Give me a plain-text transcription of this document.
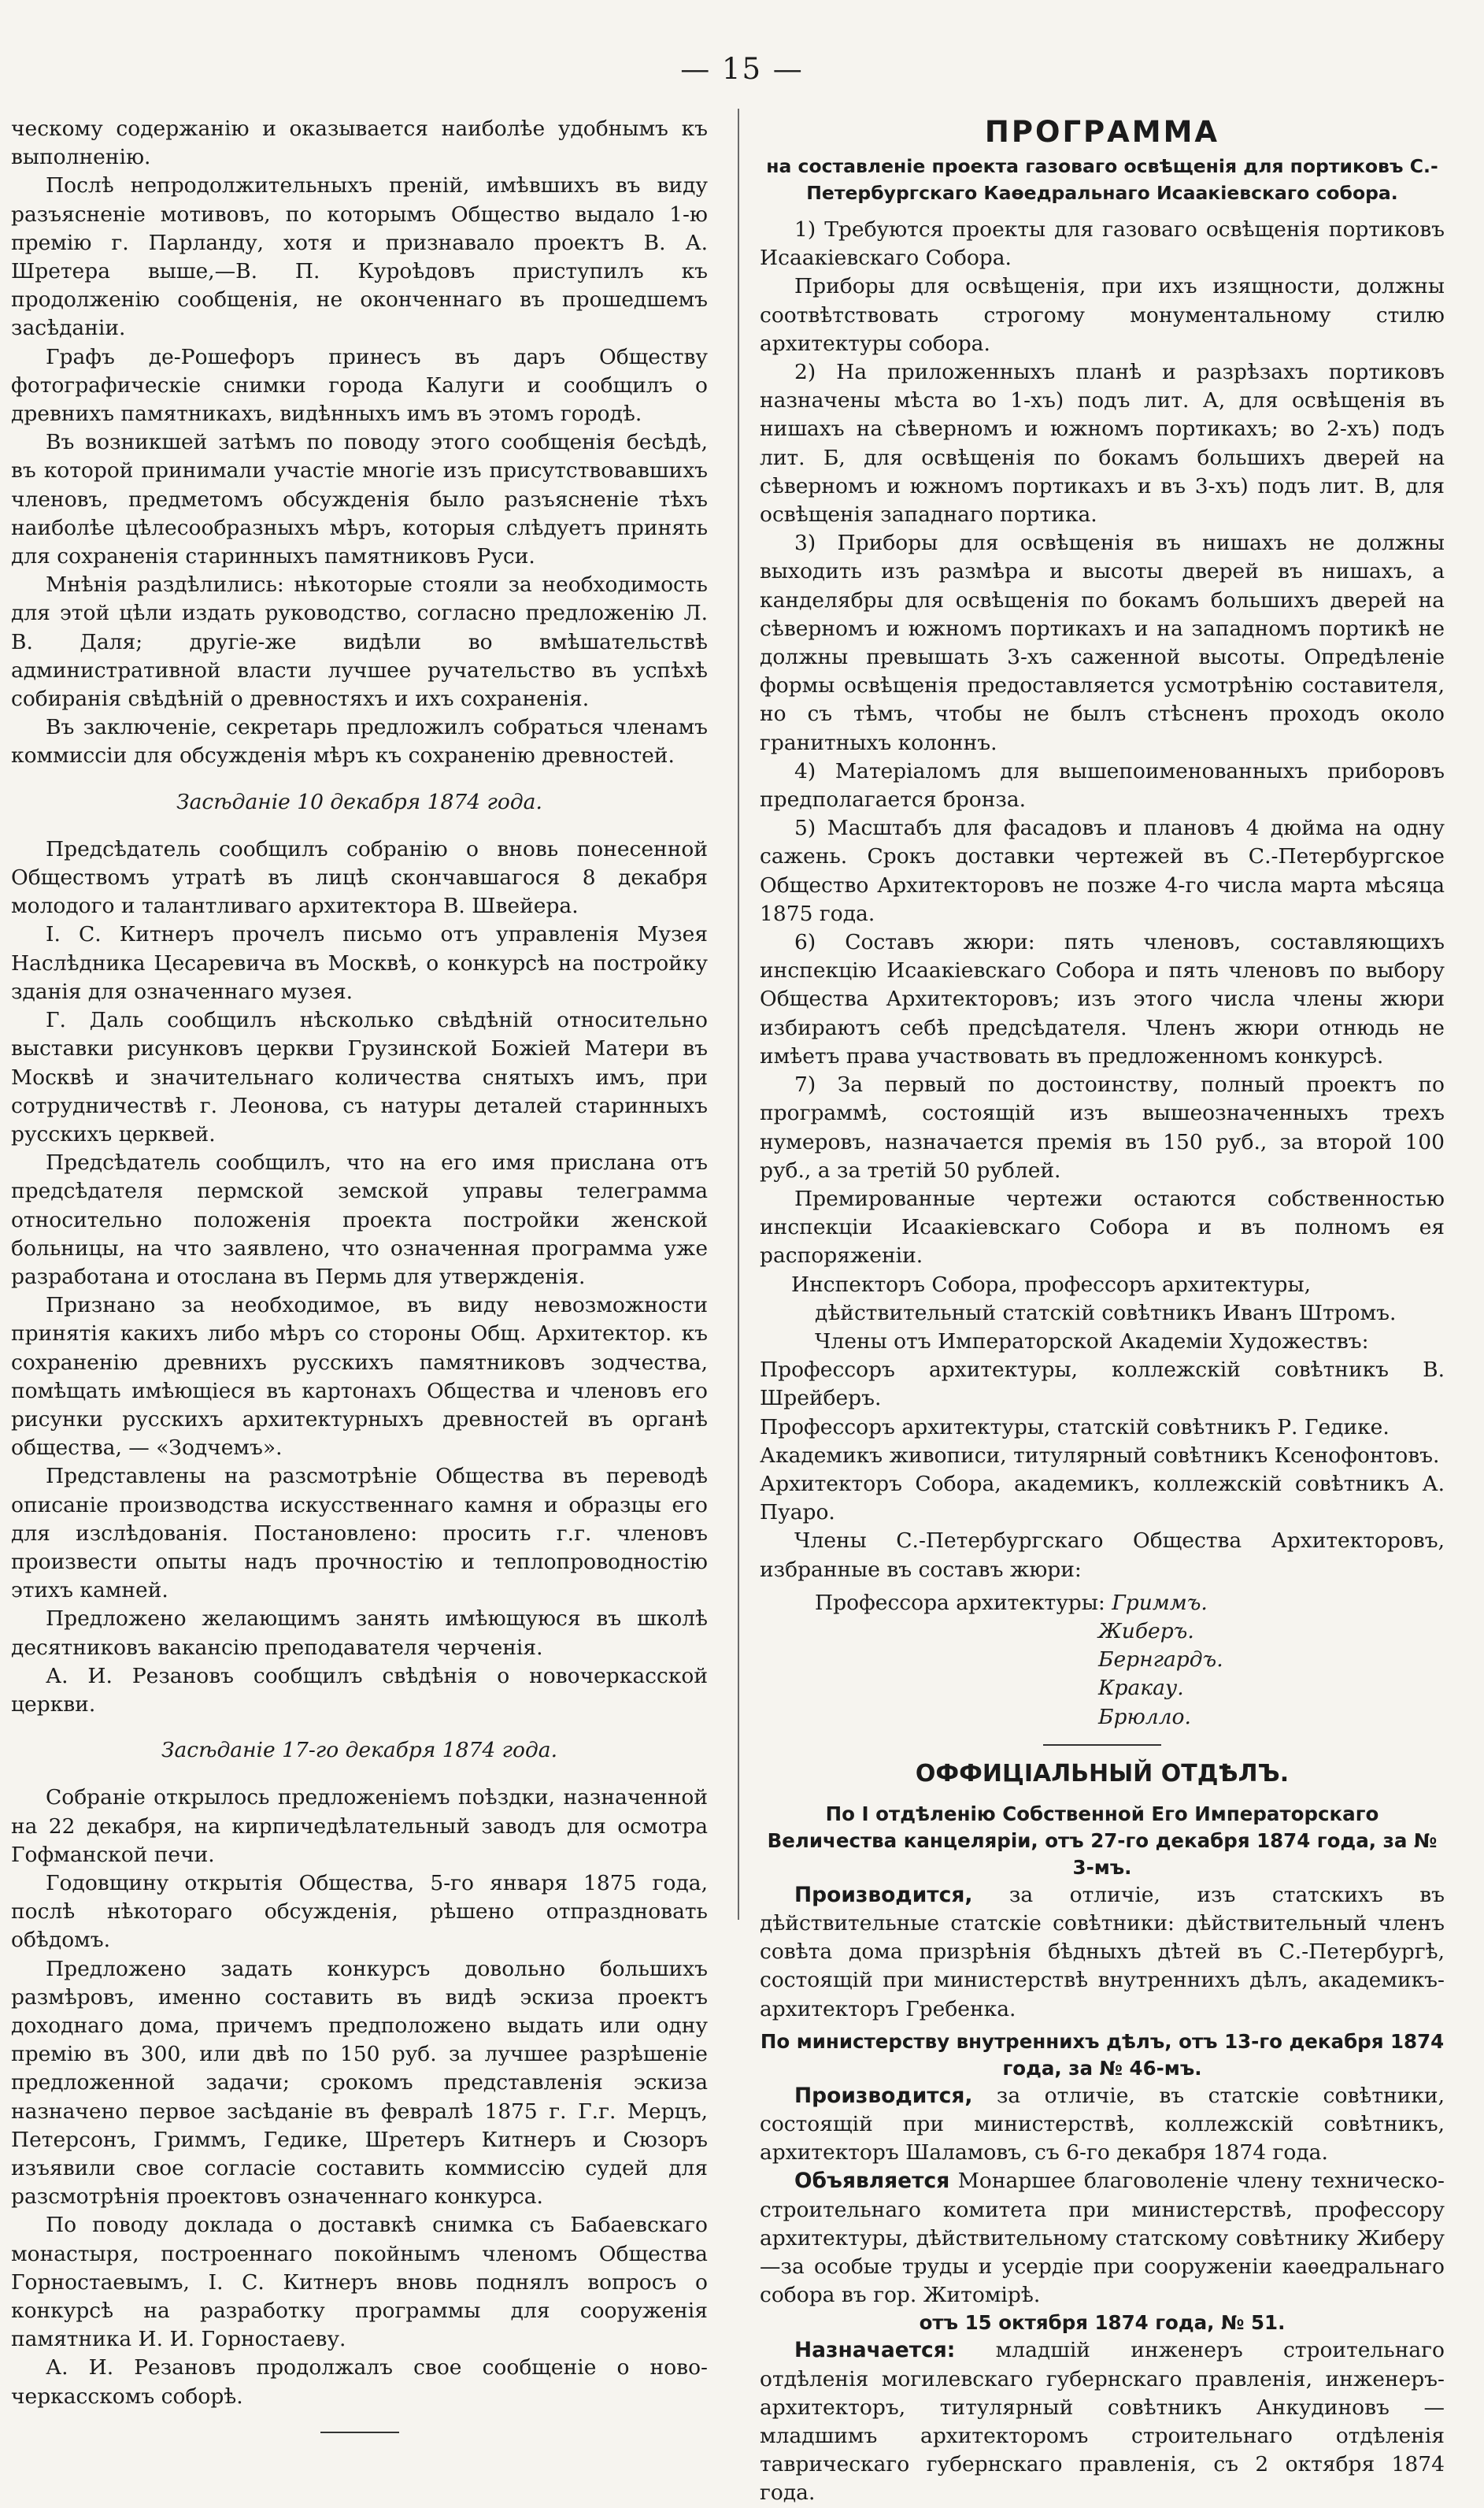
— 15 —

ческому содержанію и оказывается наиболѣе удобнымъ къ выполненію.

Послѣ непродолжительныхъ преній, имѣвшихъ въ виду разъясненіе мотивовъ, по которымъ Общество выдало 1-ю премію г. Парланду, хотя и признавало проектъ В. А. Шретера выше,—В. П. Куроѣдовъ приступилъ къ продолженію сообщенія, не оконченнаго въ прошедшемъ засѣданіи.

Графъ де-Рошефоръ принесъ въ даръ Обществу фотографическіе снимки города Калуги и сообщилъ о древнихъ памятникахъ, видѣнныхъ имъ въ этомъ городѣ.

Въ возникшей затѣмъ по поводу этого сообщенія бесѣдѣ, въ которой принимали участіе многіе изъ присутствовавшихъ членовъ, предметомъ обсужденія было разъясненіе тѣхъ наиболѣе цѣлесообразныхъ мѣръ, которыя слѣдуетъ принять для сохраненія старинныхъ памятниковъ Руси.

Мнѣнія раздѣлились: нѣкоторые стояли за необходимость для этой цѣли издать руководство, согласно предложенію Л. В. Даля; другіе-же видѣли во вмѣшательствѣ административной власти лучшее ручательство въ успѣхѣ собиранія свѣдѣній о древностяхъ и ихъ сохраненія.

Въ заключеніе, секретарь предложилъ собраться членамъ коммиссіи для обсужденія мѣръ къ сохраненію древностей.

Засѣданіе 10 декабря 1874 года.

Предсѣдатель сообщилъ собранію о вновь понесенной Обществомъ утратѣ въ лицѣ скончавшагося 8 декабря молодого и талантливаго архитектора В. Швейера.

І. С. Китнеръ прочелъ письмо отъ управленія Музея Наслѣдника Цесаревича въ Москвѣ, о конкурсѣ на постройку зданія для означеннаго музея.

Г. Даль сообщилъ нѣсколько свѣдѣній относительно выставки рисунковъ церкви Грузинской Божіей Матери въ Москвѣ и значительнаго количества снятыхъ имъ, при сотрудничествѣ г. Леонова, съ натуры деталей старинныхъ русскихъ церквей.

Предсѣдатель сообщилъ, что на его имя прислана отъ предсѣдателя пермской земской управы телеграмма относительно положенія проекта постройки женской больницы, на что заявлено, что означенная программа уже разработана и отослана въ Пермь для утвержденія.

Признано за необходимое, въ виду невозможности принятія какихъ либо мѣръ со стороны Общ. Архитектор. къ сохраненію древнихъ русскихъ памятниковъ зодчества, помѣщать имѣющіеся въ картонахъ Общества и членовъ его рисунки русскихъ архитектурныхъ древностей въ органѣ общества, — «Зодчемъ».

Представлены на разсмотрѣніе Общества въ переводѣ описаніе производства искусственнаго камня и образцы его для изслѣдованія. Постановлено: просить г.г. членовъ произвести опыты надъ прочностію и теплопроводностію этихъ камней.

Предложено желающимъ занять имѣющуюся въ школѣ десятниковъ вакансію преподавателя черченія.

А. И. Резановъ сообщилъ свѣдѣнія о новочеркасской церкви.

Засѣданіе 17-го декабря 1874 года.

Собраніе открылось предложеніемъ поѣздки, назначенной на 22 декабря, на кирпичедѣлательный заводъ для осмотра Гофманской печи.

Годовщину открытія Общества, 5-го января 1875 года, послѣ нѣкотораго обсужденія, рѣшено отпраздновать обѣдомъ.

Предложено задать конкурсъ довольно большихъ размѣровъ, именно составить въ видѣ эскиза проектъ доходнаго дома, причемъ предположено выдать или одну премію въ 300, или двѣ по 150 руб. за лучшее разрѣшеніе предложенной задачи; срокомъ представленія эскиза назначено первое засѣданіе въ февралѣ 1875 г. Г.г. Мерцъ, Петерсонъ, Гриммъ, Гедике, Шретеръ Китнеръ и Сюзоръ изъявили свое согласіе составить коммиссію судей для разсмотрѣнія проектовъ означеннаго конкурса.

По поводу доклада о доставкѣ снимка съ Бабаевскаго монастыря, построеннаго покойнымъ членомъ Общества Горностаевымъ, І. С. Китнеръ вновь поднялъ вопросъ о конкурсѣ на разработку программы для сооруженія памятника И. И. Горностаеву.

А. И. Резановъ продолжалъ свое сообщеніе о ново-черкасскомъ соборѣ.

ПРОГРАММА
на составленіе проекта газоваго освѣщенія для портиковъ С.-Петербургскаго Каѳедральнаго Исаакіевскаго собора.

1) Требуются проекты для газоваго освѣщенія портиковъ Исаакіевскаго Собора.

Приборы для освѣщенія, при ихъ изящности, должны соотвѣтствовать строгому монументальному стилю архитектуры собора.

2) На приложенныхъ планѣ и разрѣзахъ портиковъ назначены мѣста во 1-хъ) подъ лит. А, для освѣщенія въ нишахъ на сѣверномъ и южномъ портикахъ; во 2-хъ) подъ лит. Б, для освѣщенія по бокамъ большихъ дверей на сѣверномъ и южномъ портикахъ и въ 3-хъ) подъ лит. В, для освѣщенія западнаго портика.

3) Приборы для освѣщенія въ нишахъ не должны выходить изъ размѣра и высоты дверей въ нишахъ, а канделябры для освѣщенія по бокамъ большихъ дверей на сѣверномъ и южномъ портикахъ и на западномъ портикѣ не должны превышать 3-хъ саженной высоты. Опредѣленіе формы освѣщенія предоставляется усмотрѣнію составителя, но съ тѣмъ, чтобы не былъ стѣсненъ проходъ около гранитныхъ колоннъ.

4) Матеріаломъ для вышепоименованныхъ приборовъ предполагается бронза.

5) Масштабъ для фасадовъ и плановъ 4 дюйма на одну сажень. Срокъ доставки чертежей въ С.-Петербургское Общество Архитекторовъ не позже 4-го числа марта мѣсяца 1875 года.

6) Составъ жюри: пять членовъ, составляющихъ инспекцію Исаакіевскаго Собора и пять членовъ по выбору Общества Архитекторовъ; изъ этого числа члены жюри избираютъ себѣ предсѣдателя. Членъ жюри отнюдь не имѣетъ права участвовать въ предложенномъ конкурсѣ.

7) За первый по достоинству, полный проектъ по программѣ, состоящій изъ вышеозначенныхъ трехъ нумеровъ, назначается премія въ 150 руб., за второй 100 руб., а за третій 50 рублей.

Премированные чертежи остаются собственностью инспекціи Исаакіевскаго Собора и въ полномъ ея распоряженіи.

Инспекторъ Собора, профессоръ архитектуры,

дѣйствительный статскій совѣтникъ Иванъ Штромъ.

Члены отъ Императорской Академіи Художествъ:

Профессоръ архитектуры, коллежскій совѣтникъ В. Шрейберъ.

Профессоръ архитектуры, статскій совѣтникъ Р. Гедике.

Академикъ живописи, титулярный совѣтникъ Ксенофонтовъ.

Архитекторъ Собора, академикъ, коллежскій совѣтникъ А. Пуаро.

Члены С.-Петербургскаго Общества Архитекторовъ, избранные въ составъ жюри:

Профессора архитектуры: Гриммъ.

Жиберъ.

Бернгардъ.

Кракау.

Брюлло.

ОФФИЦІАЛЬНЫЙ ОТДѢЛЪ.
По І отдѣленію Собственной Его Императорскаго Величества канцеляріи, отъ 27-го декабря 1874 года, за № 3-мъ.

Производится, за отличіе, изъ статскихъ въ дѣйствительные статскіе совѣтники: дѣйствительный членъ совѣта дома призрѣнія бѣдныхъ дѣтей въ С.-Петербургѣ, состоящій при министерствѣ внутреннихъ дѣлъ, академикъ-архитекторъ Гребенка.

По министерству внутреннихъ дѣлъ, отъ 13-го декабря 1874 года, за № 46-мъ.

Производится, за отличіе, въ статскіе совѣтники, состоящій при министерствѣ, коллежскій совѣтникъ, архитекторъ Шаламовъ, съ 6-го декабря 1874 года.

Объявляется Монаршее благоволеніе члену техническо-строительнаго комитета при министерствѣ, профессору архитектуры, дѣйствительному статскому совѣтнику Жиберу—за особые труды и усердіе при сооруженіи каѳедральнаго собора въ гор. Житомірѣ.

отъ 15 октября 1874 года, № 51.

Назначается: младшій инженеръ строительнаго отдѣленія могилевскаго губернскаго правленія, инженеръ-архитекторъ, титулярный совѣтникъ Анкудиновъ — младшимъ архитекторомъ строительнаго отдѣленія таврическаго губернскаго правленія, съ 2 октября 1874 года.
